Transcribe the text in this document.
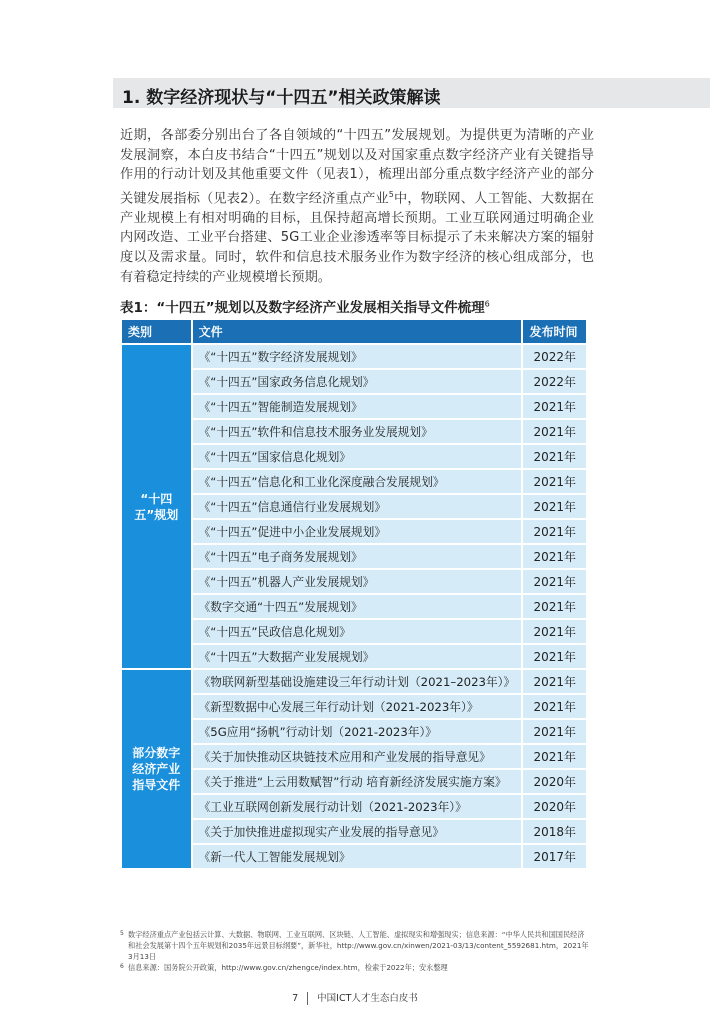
1. 数字经济现状与“十四五”相关政策解读
近期，各部委分别出台了各自领域的“十四五”发展规划。为提供更为清晰的产业发展洞察，本白皮书结合“十四五”规划以及对国家重点数字经济产业有关键指导作用的行动计划及其他重要文件（见表1），梳理出部分重点数字经济产业的部分关键发展指标（见表2）。在数字经济重点产业$^5$中，物联网、人工智能、大数据在产业规模上有相对明确的目标，且保持超高增长预期。工业互联网通过明确企业内网改造、工业平台搭建、5G工业企业渗透率等目标提示了未来解决方案的辐射度以及需求量。同时，软件和信息技术服务业作为数字经济的核心组成部分，也有着稳定持续的产业规模增长预期。
表1：“十四五”规划以及数字经济产业发展相关指导文件梳理$^6$
类别	文件	发布时间
“十四五”规划	《“十四五”数字经济发展规划》	2022年
	《“十四五”国家政务信息化规划》	2022年
	《“十四五”智能制造发展规划》	2021年
	《“十四五”软件和信息技术服务业发展规划》	2021年
	《“十四五”国家信息化规划》	2021年
	《“十四五”信息化和工业化深度融合发展规划》	2021年
	《“十四五”信息通信行业发展规划》	2021年
	《“十四五”促进中小企业发展规划》	2021年
	《“十四五”电子商务发展规划》	2021年
	《“十四五”机器人产业发展规划》	2021年
	《数字交通“十四五”发展规划》	2021年
	《“十四五”民政信息化规划》	2021年
	《“十四五”大数据产业发展规划》	2021年
部分数字经济产业指导文件	《物联网新型基础设施建设三年行动计划（2021–2023年）》	2021年
	《新型数据中心发展三年行动计划（2021-2023年）》	2021年
	《5G应用“扬帆”行动计划（2021-2023年）》	2021年
	《关于加快推动区块链技术应用和产业发展的指导意见》	2021年
	《关于推进“上云用数赋智”行动 培育新经济发展实施方案》	2020年
	《工业互联网创新发展行动计划（2021-2023年）》	2020年
	《关于加快推进虚拟现实产业发展的指导意见》	2018年
	《新一代人工智能发展规划》	2017年

5 数字经济重点产业包括云计算、大数据、物联网、工业互联网、区块链、人工智能、虚拟现实和增强现实；信息来源：“中华人民共和国国民经济和社会发展第十四个五年规划和2035年远景目标纲要”，新华社，http://www.gov.cn/xinwen/2021-03/13/content_5592681.htm，2021年3月13日

6 信息来源：国务院公开政策，http://www.gov.cn/zhengce/index.htm，检索于2022年；安永整理

7 中国ICT人才生态白皮书
